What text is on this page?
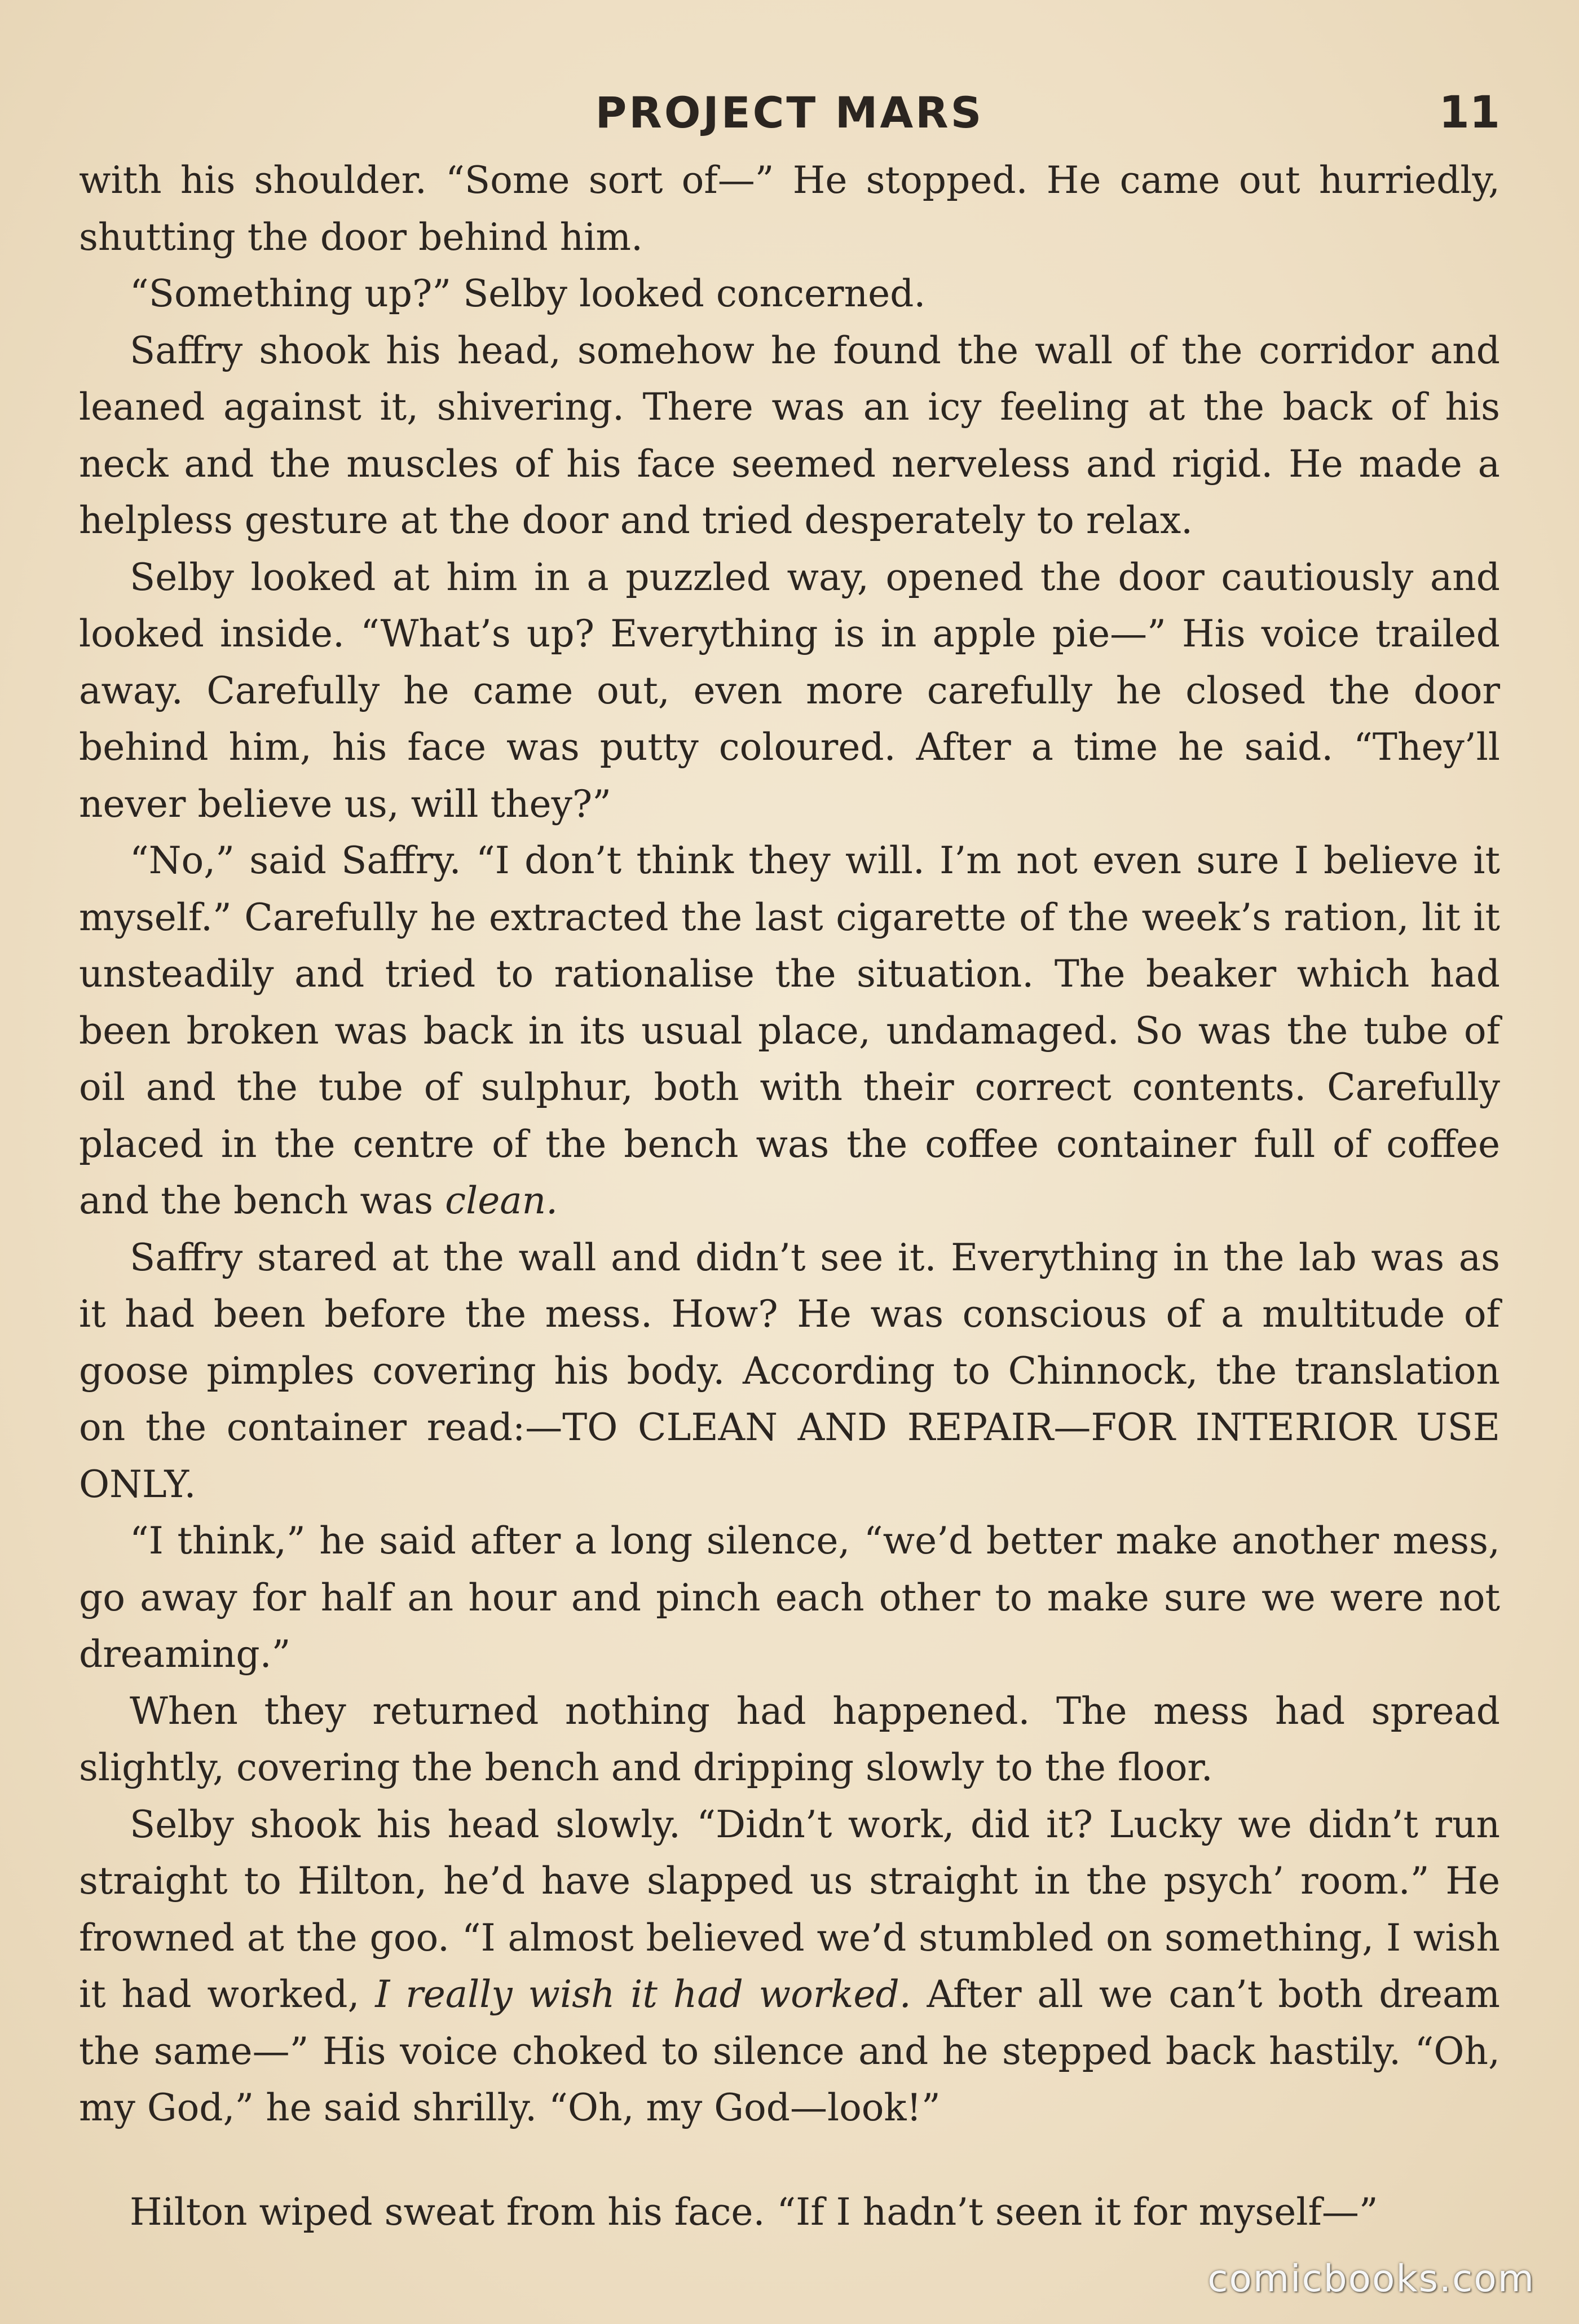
PROJECT MARS	11

with his shoulder. “Some sort of—” He stopped. He came out hurriedly, shutting the door behind him.

“Something up?” Selby looked concerned.

Saffry shook his head, somehow he found the wall of the corridor and leaned against it, shivering. There was an icy feeling at the back of his neck and the muscles of his face seemed nerveless and rigid. He made a helpless gesture at the door and tried desperately to relax.

Selby looked at him in a puzzled way, opened the door cautiously and looked inside. “What’s up? Everything is in apple pie—” His voice trailed away. Carefully he came out, even more carefully he closed the door behind him, his face was putty coloured. After a time he said. “They’ll never believe us, will they?”

“No,” said Saffry. “I don’t think they will. I’m not even sure I believe it myself.” Carefully he extracted the last cigarette of the week’s ration, lit it unsteadily and tried to rationalise the situation. The beaker which had been broken was back in its usual place, undamaged. So was the tube of oil and the tube of sulphur, both with their correct contents. Carefully placed in the centre of the bench was the coffee container full of coffee and the bench was clean.

Saffry stared at the wall and didn’t see it. Everything in the lab was as it had been before the mess. How? He was conscious of a multitude of goose pimples covering his body. According to Chinnock, the translation on the container read:—TO CLEAN AND REPAIR—FOR INTERIOR USE ONLY.

“I think,” he said after a long silence, “we’d better make another mess, go away for half an hour and pinch each other to make sure we were not dreaming.”

When they returned nothing had happened. The mess had spread slightly, covering the bench and dripping slowly to the floor.

Selby shook his head slowly. “Didn’t work, did it? Lucky we didn’t run straight to Hilton, he’d have slapped us straight in the psych’ room.” He frowned at the goo. “I almost believed we’d stumbled on something, I wish it had worked, I really wish it had worked. After all we can’t both dream the same—” His voice choked to silence and he stepped back hastily. “Oh, my God,” he said shrilly. “Oh, my God—look!”

Hilton wiped sweat from his face. “If I hadn’t seen it for myself—”

comicbooks.com
